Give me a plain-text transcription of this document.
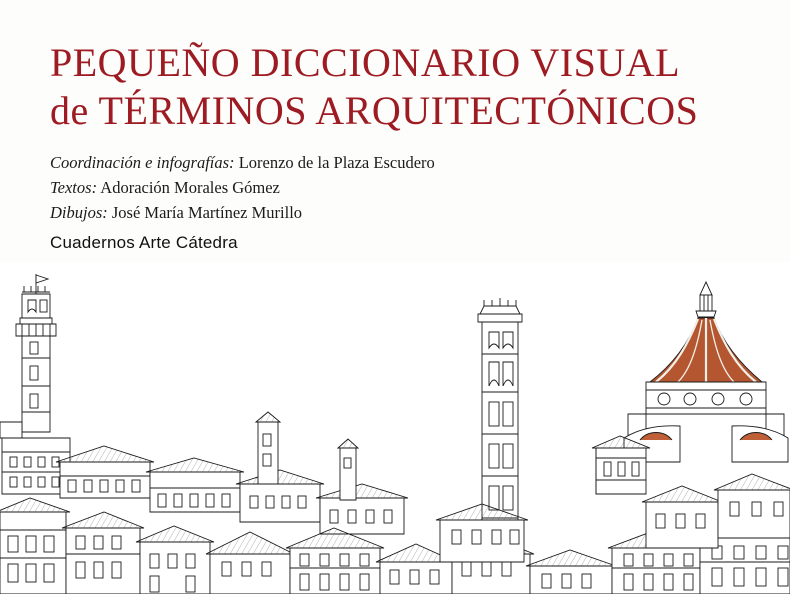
PEQUEÑO DICCIONARIO VISUAL
de TÉRMINOS ARQUITECTÓNICOS
Coordinación e infografías: Lorenzo de la Plaza Escudero
Textos: Adoración Morales Gómez
Dibujos: José María Martínez Murillo
Cuadernos Arte Cátedra
